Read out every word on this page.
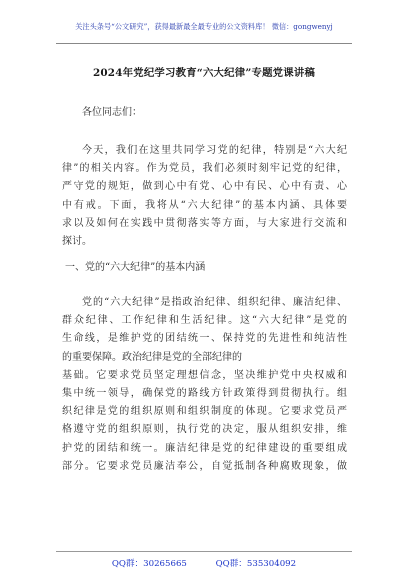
关注头条号“公文研究”，获得最新最全最专业的公文资料库！ 微信：gongwenyj
2024年党纪学习教育“六大纪律”专题党课讲稿

各位同志们：

今天，我们在这里共同学习党的纪律，特别是“六大纪
律”的相关内容。作为党员，我们必须时刻牢记党的纪律，
严守党的规矩，做到心中有党、心中有民、心中有责、心
中有戒。下面，我将从“六大纪律”的基本内涵、具体要
求以及如何在实践中贯彻落实等方面，与大家进行交流和
探讨。

一、党的“六大纪律”的基本内涵

党的“六大纪律”是指政治纪律、组织纪律、廉洁纪律、
群众纪律、工作纪律和生活纪律。这“六大纪律”是党的
生命线，是维护党的团结统一、保持党的先进性和纯洁性
的重要保障。政治纪律是党的全部纪律的
基础。它要求党员坚定理想信念，坚决维护党中央权威和
集中统一领导，确保党的路线方针政策得到贯彻执行。组
织纪律是党的组织原则和组织制度的体现。它要求党员严
格遵守党的组织原则，执行党的决定，服从组织安排，维
护党的团结和统一。廉洁纪律是党的纪律建设的重要组成
部分。它要求党员廉洁奉公，自觉抵制各种腐败现象，做
QQ群：30265665	QQ群：535304092
